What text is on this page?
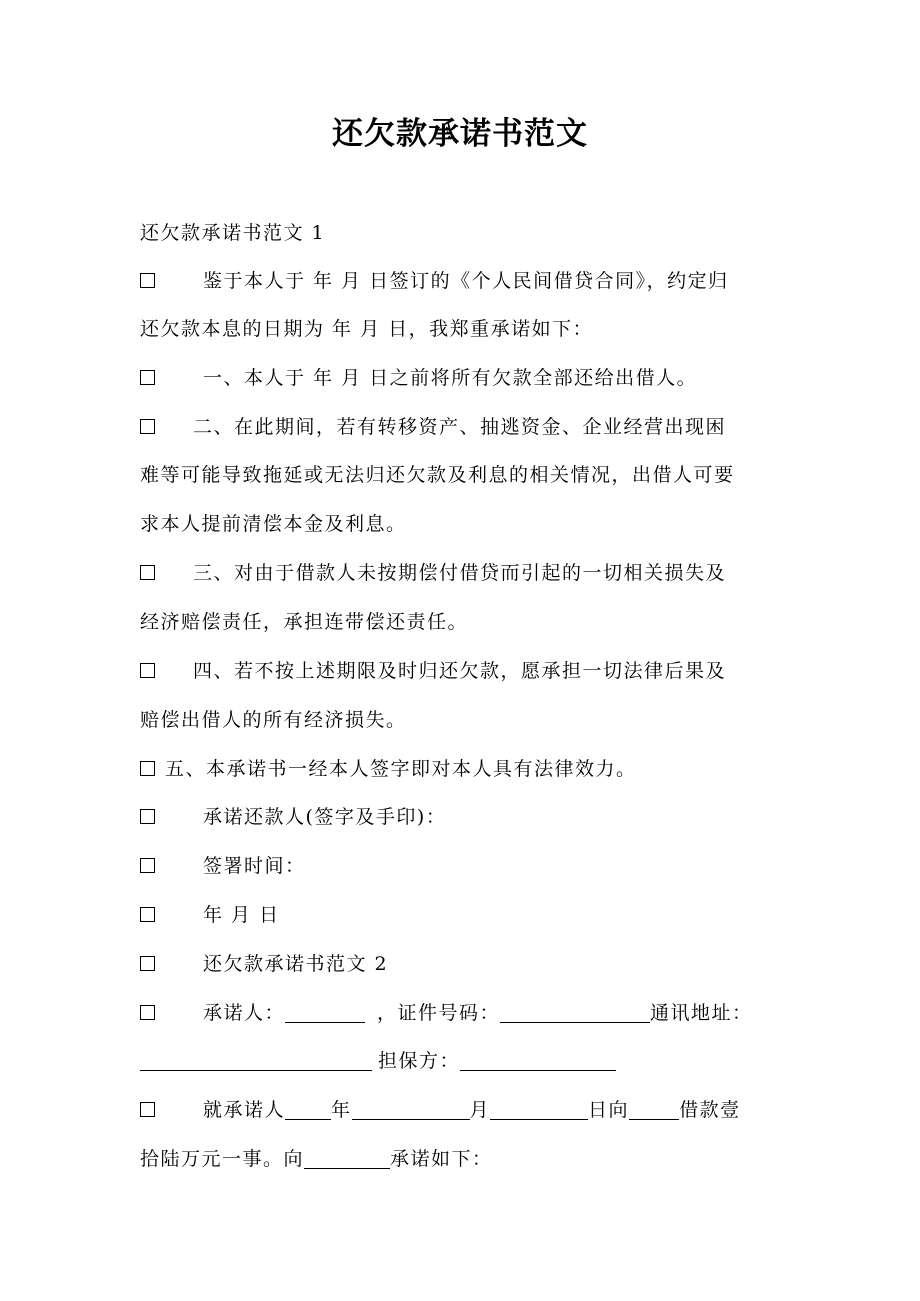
还欠款承诺书范文
还欠款承诺书范文 1
鉴于本人于 年 月 日签订的《个人民间借贷合同》，约定归
还欠款本息的日期为 年 月 日，我郑重承诺如下：
一、本人于 年 月 日之前将所有欠款全部还给出借人。
二、在此期间，若有转移资产、抽逃资金、企业经营出现困
难等可能导致拖延或无法归还欠款及利息的相关情况，出借人可要
求本人提前清偿本金及利息。
三、对由于借款人未按期偿付借贷而引起的一切相关损失及
经济赔偿责任，承担连带偿还责任。
四、若不按上述期限及时归还欠款，愿承担一切法律后果及
赔偿出借人的所有经济损失。
五、本承诺书一经本人签字即对本人具有法律效力。
承诺还款人(签字及手印)：
签署时间：
年 月 日
还欠款承诺书范文 2
承诺人：	，证件号码：	通讯地址：
担保方：
就承诺人 年	月	日向	借款壹
拾陆万元一事。向	承诺如下：
